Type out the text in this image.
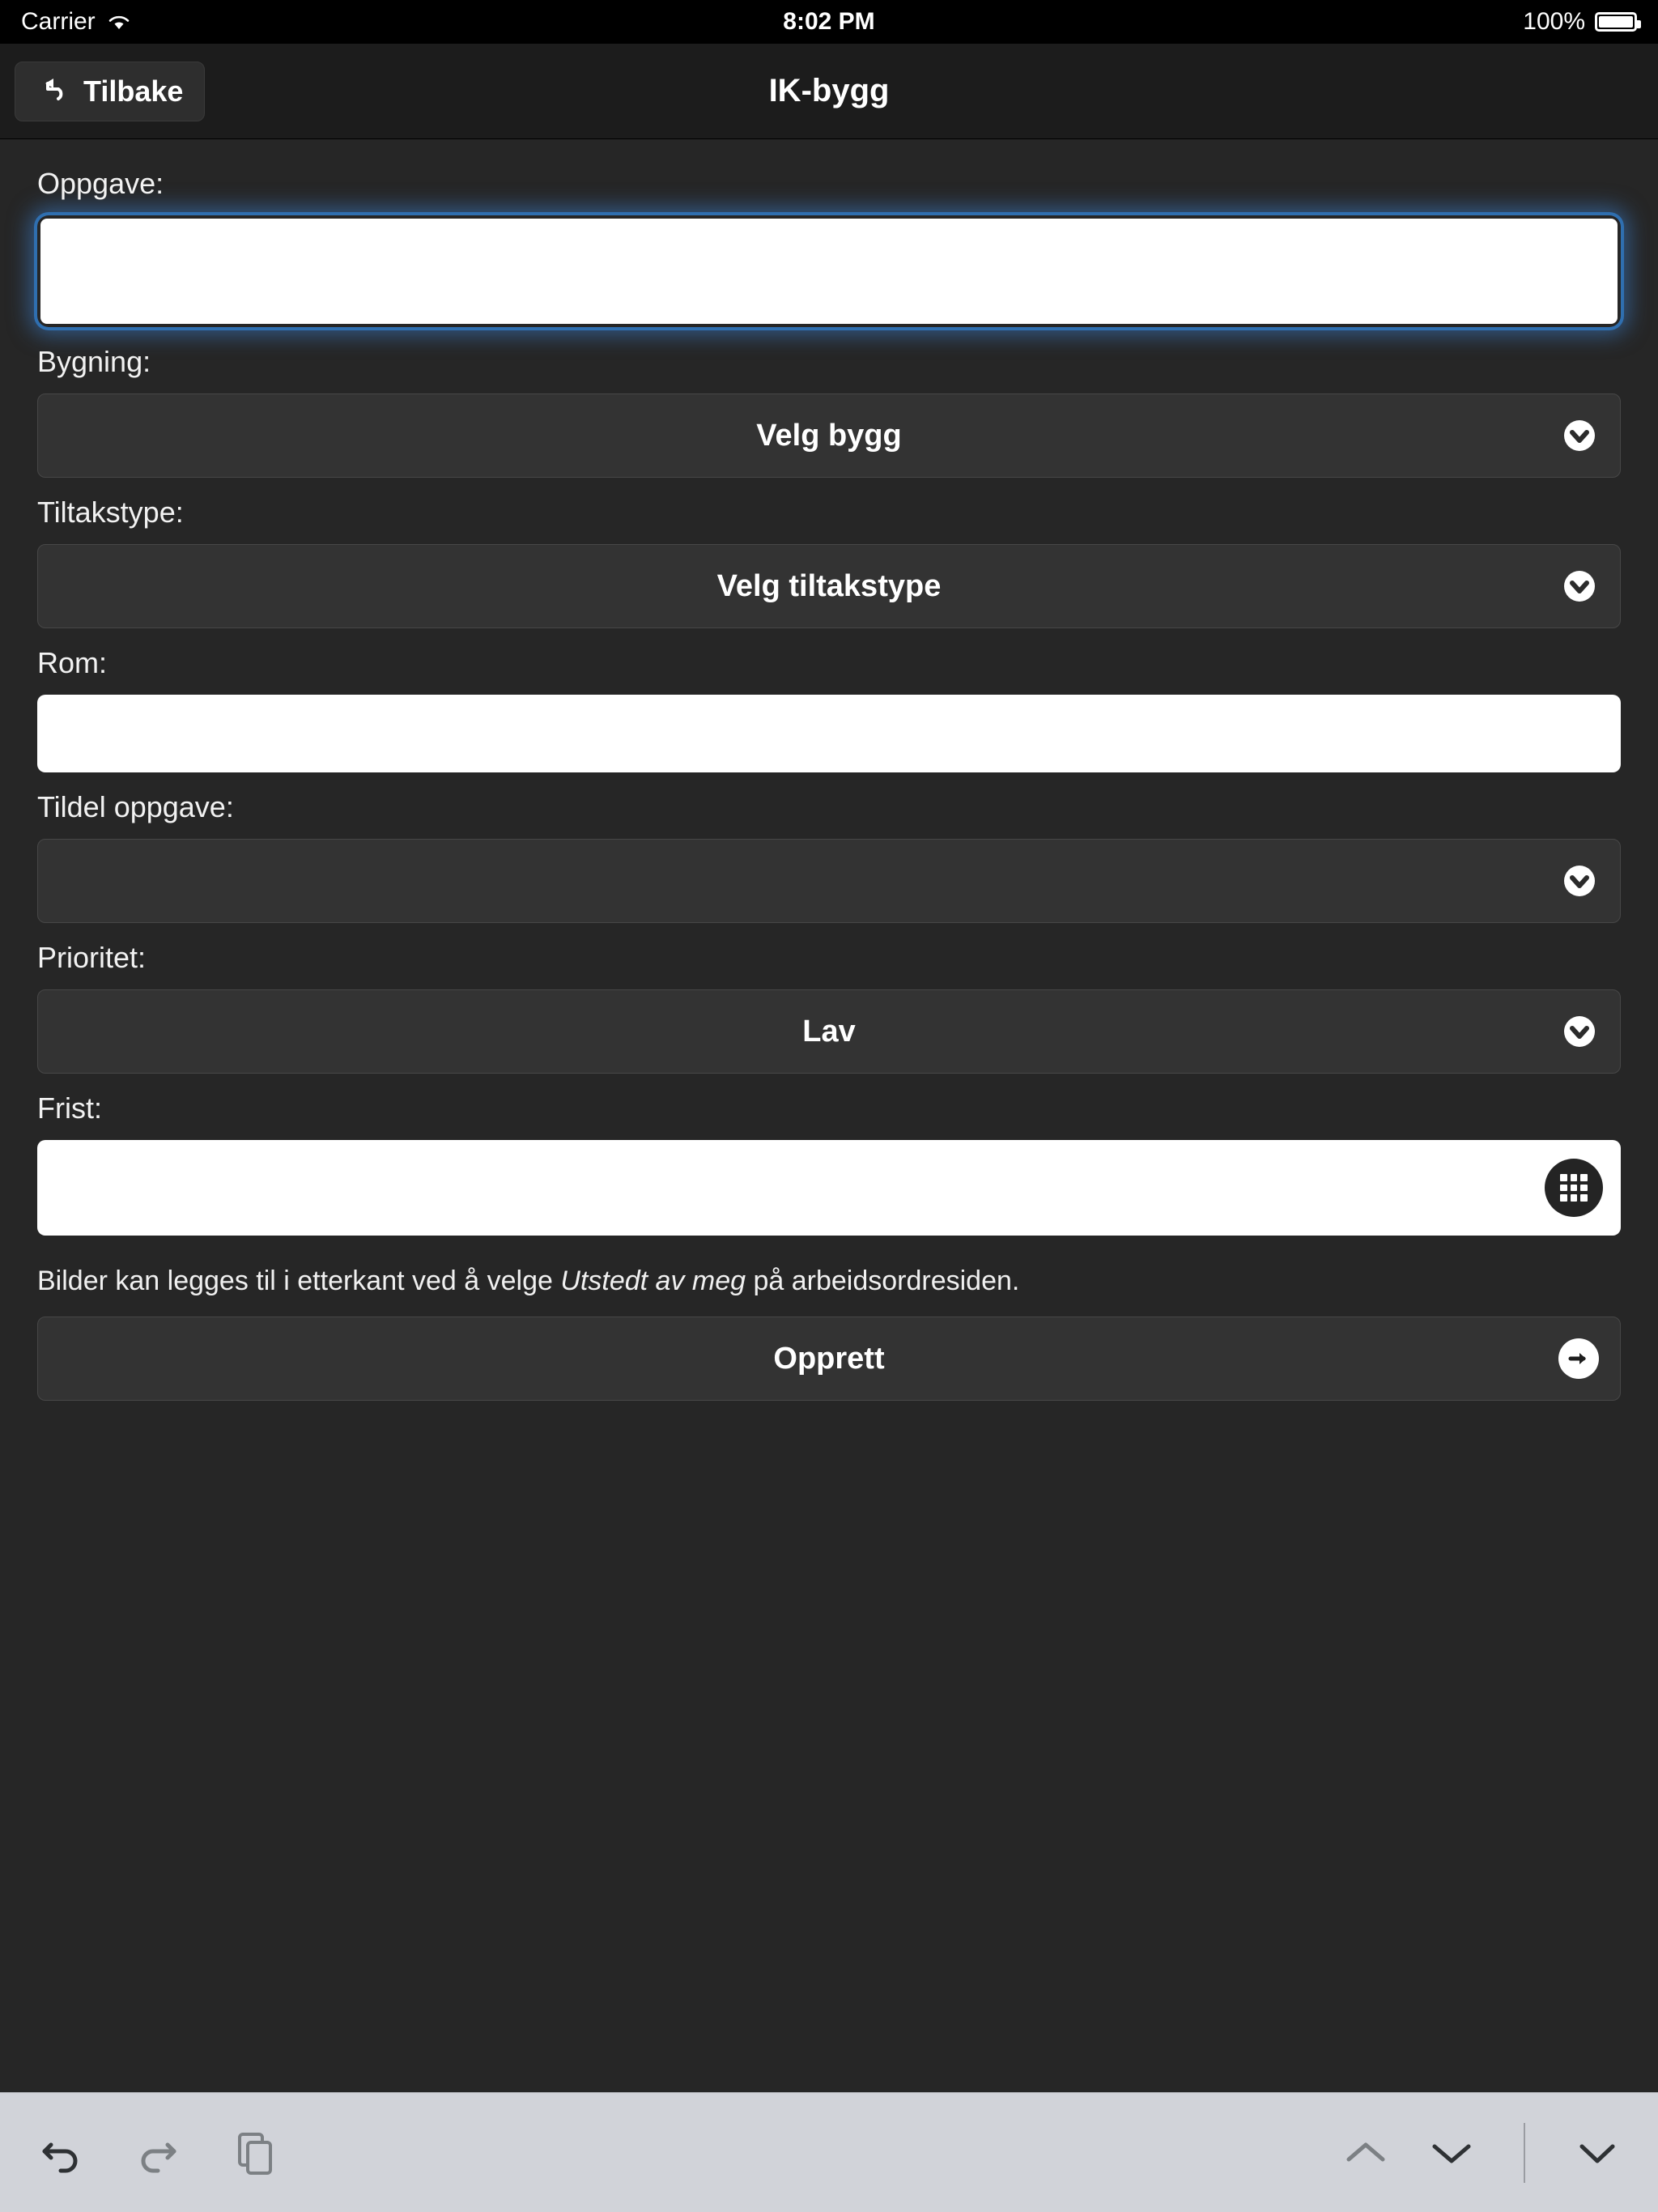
Carrier	8:02 PM	100%
Tilbake	IK-bygg
Oppgave:
Bygning:
Velg bygg
Tiltakstype:
Velg tiltakstype
Rom:
Tildel oppgave:
Prioritet:
Lav
Frist:
Bilder kan legges til i etterkant ved å velge Utstedt av meg på arbeidsordresiden.
Opprett
